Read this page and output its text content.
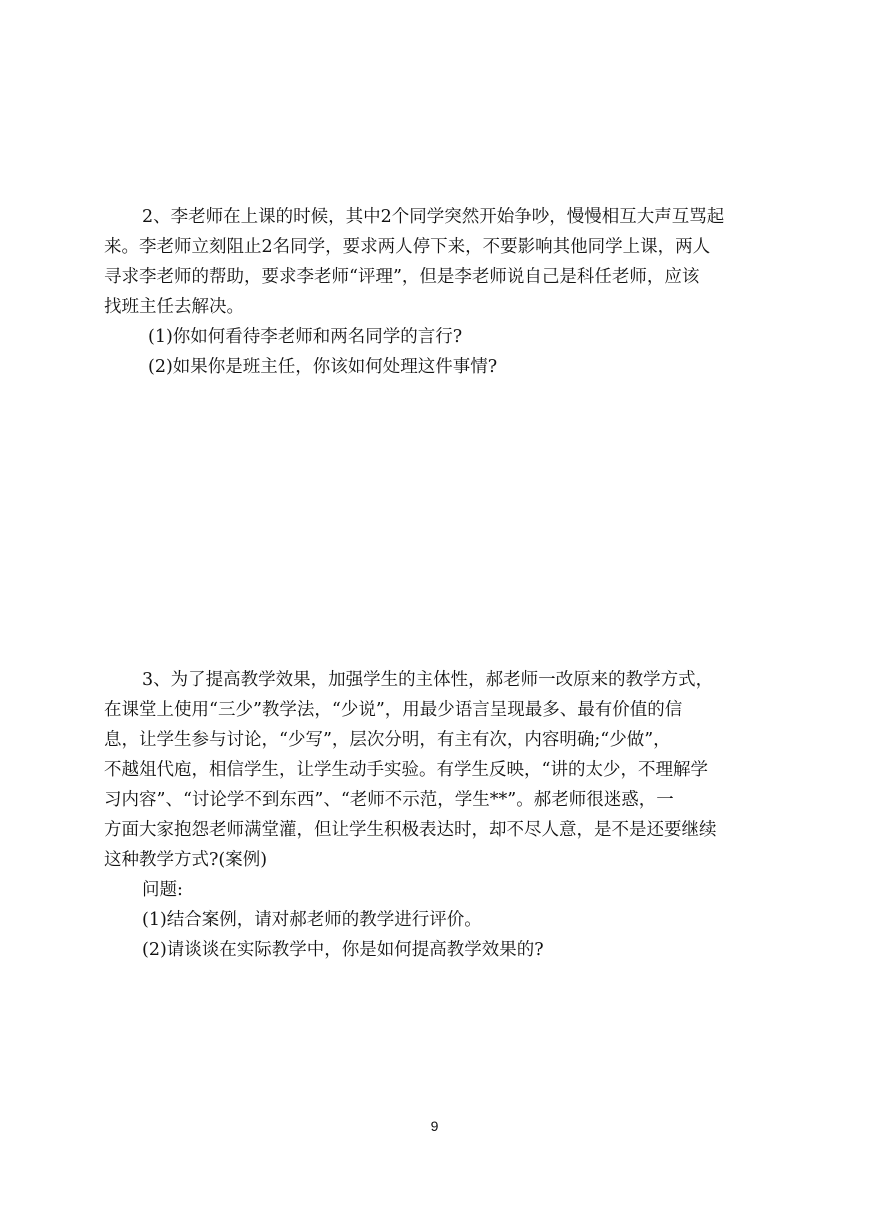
2、李老师在上课的时候，其中2个同学突然开始争吵，慢慢相互大声互骂起
来。李老师立刻阻止2名同学，要求两人停下来，不要影响其他同学上课，两人
寻求李老师的帮助，要求李老师“评理”，但是李老师说自己是科任老师，应该
找班主任去解决。
(1)你如何看待李老师和两名同学的言行?
(2)如果你是班主任，你该如何处理这件事情?
3、为了提高教学效果，加强学生的主体性，郝老师一改原来的教学方式，
在课堂上使用“三少”教学法，“少说”，用最少语言呈现最多、最有价值的信
息，让学生参与讨论，“少写”，层次分明，有主有次，内容明确;“少做”，
不越俎代庖，相信学生，让学生动手实验。有学生反映，“讲的太少，不理解学
习内容”、“讨论学不到东西”、“老师不示范，学生**”。郝老师很迷惑，一
方面大家抱怨老师满堂灌，但让学生积极表达时，却不尽人意，是不是还要继续
这种教学方式?(案例)
问题:
(1)结合案例，请对郝老师的教学进行评价。
(2)请谈谈在实际教学中，你是如何提高教学效果的?
9
